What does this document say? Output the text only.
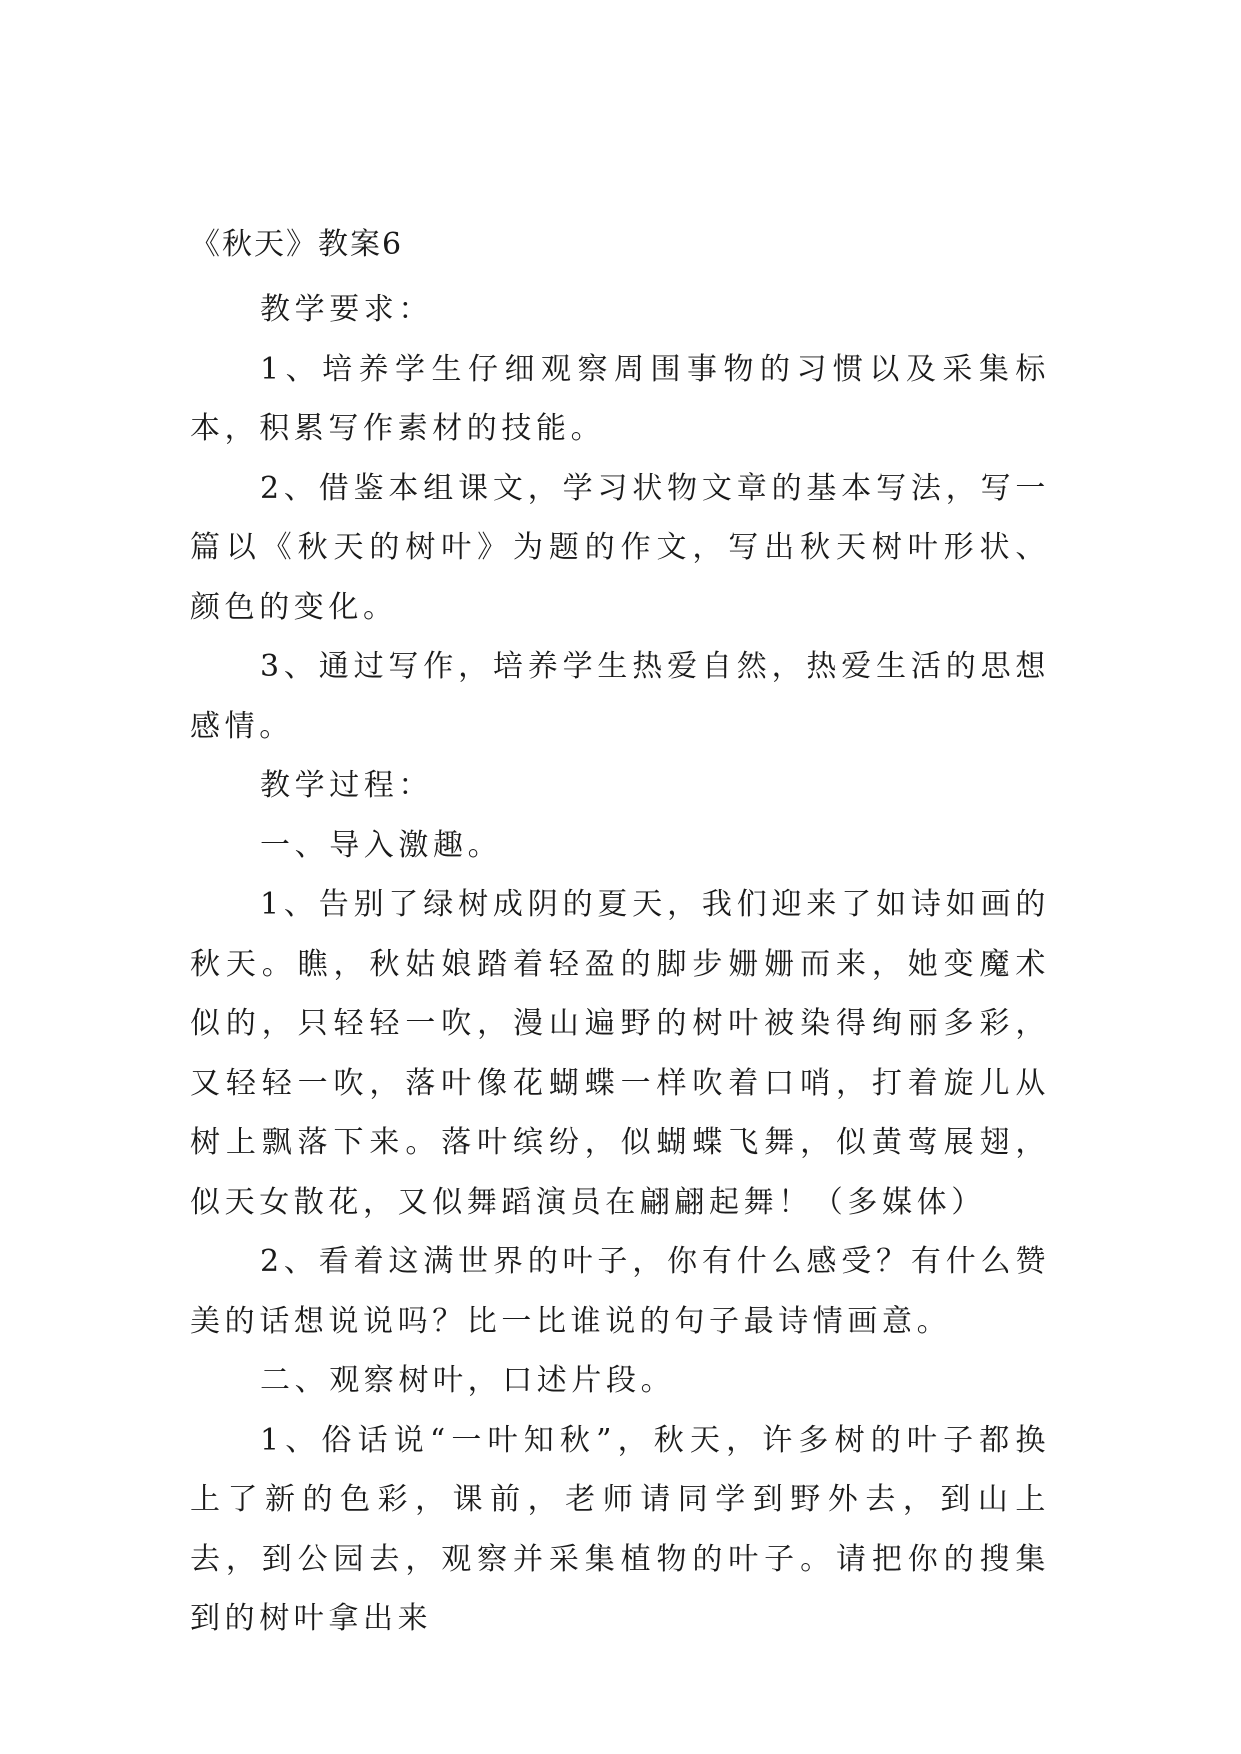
《秋天》教案6

教学要求：

1、培养学生仔细观察周围事物的习惯以及采集标本，积累写作素材的技能。

2、借鉴本组课文，学习状物文章的基本写法，写一篇以《秋天的树叶》为题的作文，写出秋天树叶形状、颜色的变化。

3、通过写作，培养学生热爱自然，热爱生活的思想感情。

教学过程：

一、导入激趣。

1、告别了绿树成阴的夏天，我们迎来了如诗如画的秋天。瞧，秋姑娘踏着轻盈的脚步姗姗而来，她变魔术似的，只轻轻一吹，漫山遍野的树叶被染得绚丽多彩，又轻轻一吹，落叶像花蝴蝶一样吹着口哨，打着旋儿从树上飘落下来。落叶缤纷，似蝴蝶飞舞，似黄莺展翅，似天女散花，又似舞蹈演员在翩翩起舞！（多媒体）

2、看着这满世界的叶子，你有什么感受？有什么赞美的话想说说吗？比一比谁说的句子最诗情画意。

二、观察树叶，口述片段。

1、俗话说“一叶知秋”，秋天，许多树的叶子都换上了新的色彩，课前，老师请同学到野外去，到山上去，到公园去，观察并采集植物的叶子。请把你的搜集到的树叶拿出来
